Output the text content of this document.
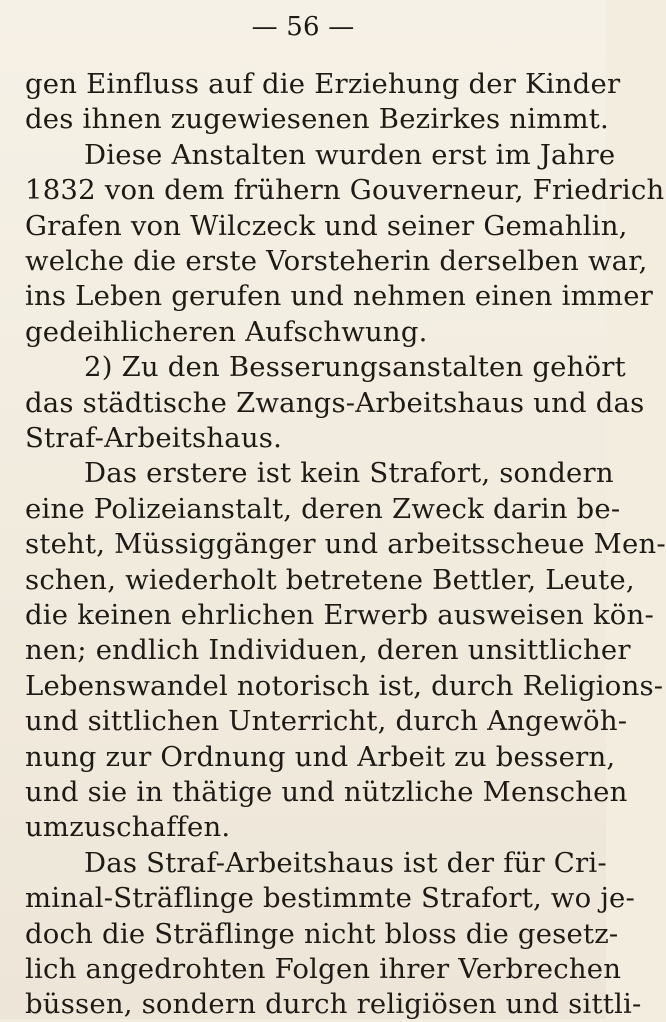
— 56 —
gen Einfluss auf die Erziehung der Kinder
des ihnen zugewiesenen Bezirkes nimmt.
Diese Anstalten wurden erst im Jahre
1832 von dem frühern Gouverneur, Friedrich
Grafen von Wilczeck und seiner Gemahlin,
welche die erste Vorsteherin derselben war,
ins Leben gerufen und nehmen einen immer
gedeihlicheren Aufschwung.
2) Zu den Besserungsanstalten gehört
das städtische Zwangs-Arbeitshaus und das
Straf-Arbeitshaus.
Das erstere ist kein Strafort, sondern
eine Polizeianstalt, deren Zweck darin be-
steht, Müssiggänger und arbeitsscheue Men-
schen, wiederholt betretene Bettler, Leute,
die keinen ehrlichen Erwerb ausweisen kön-
nen; endlich Individuen, deren unsittlicher
Lebenswandel notorisch ist, durch Religions-
und sittlichen Unterricht, durch Angewöh-
nung zur Ordnung und Arbeit zu bessern,
und sie in thätige und nützliche Menschen
umzuschaffen.
Das Straf-Arbeitshaus ist der für Cri-
minal-Sträflinge bestimmte Strafort, wo je-
doch die Sträflinge nicht bloss die gesetz-
lich angedrohten Folgen ihrer Verbrechen
büssen, sondern durch religiösen und sittli-
